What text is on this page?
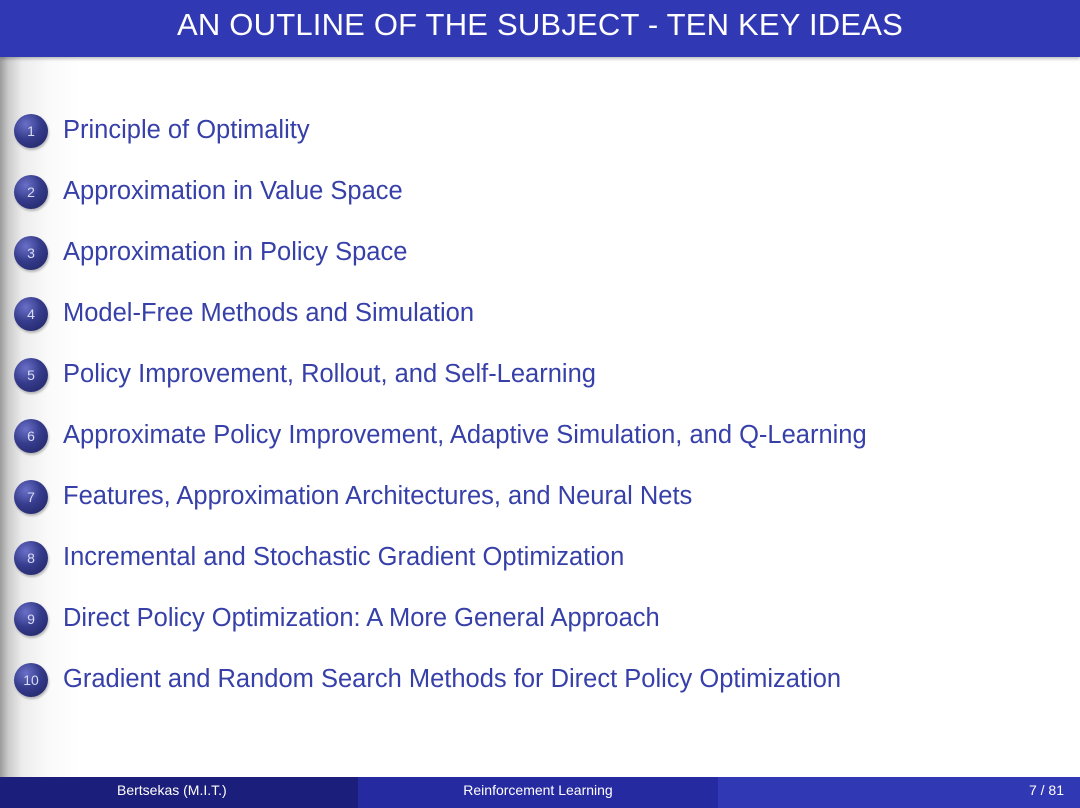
AN OUTLINE OF THE SUBJECT - TEN KEY IDEAS
1	Principle of Optimality
2	Approximation in Value Space
3	Approximation in Policy Space
4	Model-Free Methods and Simulation
5	Policy Improvement, Rollout, and Self-Learning
6	Approximate Policy Improvement, Adaptive Simulation, and Q-Learning
7	Features, Approximation Architectures, and Neural Nets
8	Incremental and Stochastic Gradient Optimization
9	Direct Policy Optimization: A More General Approach
10 Gradient and Random Search Methods for Direct Policy Optimization
Bertsekas (M.I.T.)	Reinforcement Learning	7 / 81
